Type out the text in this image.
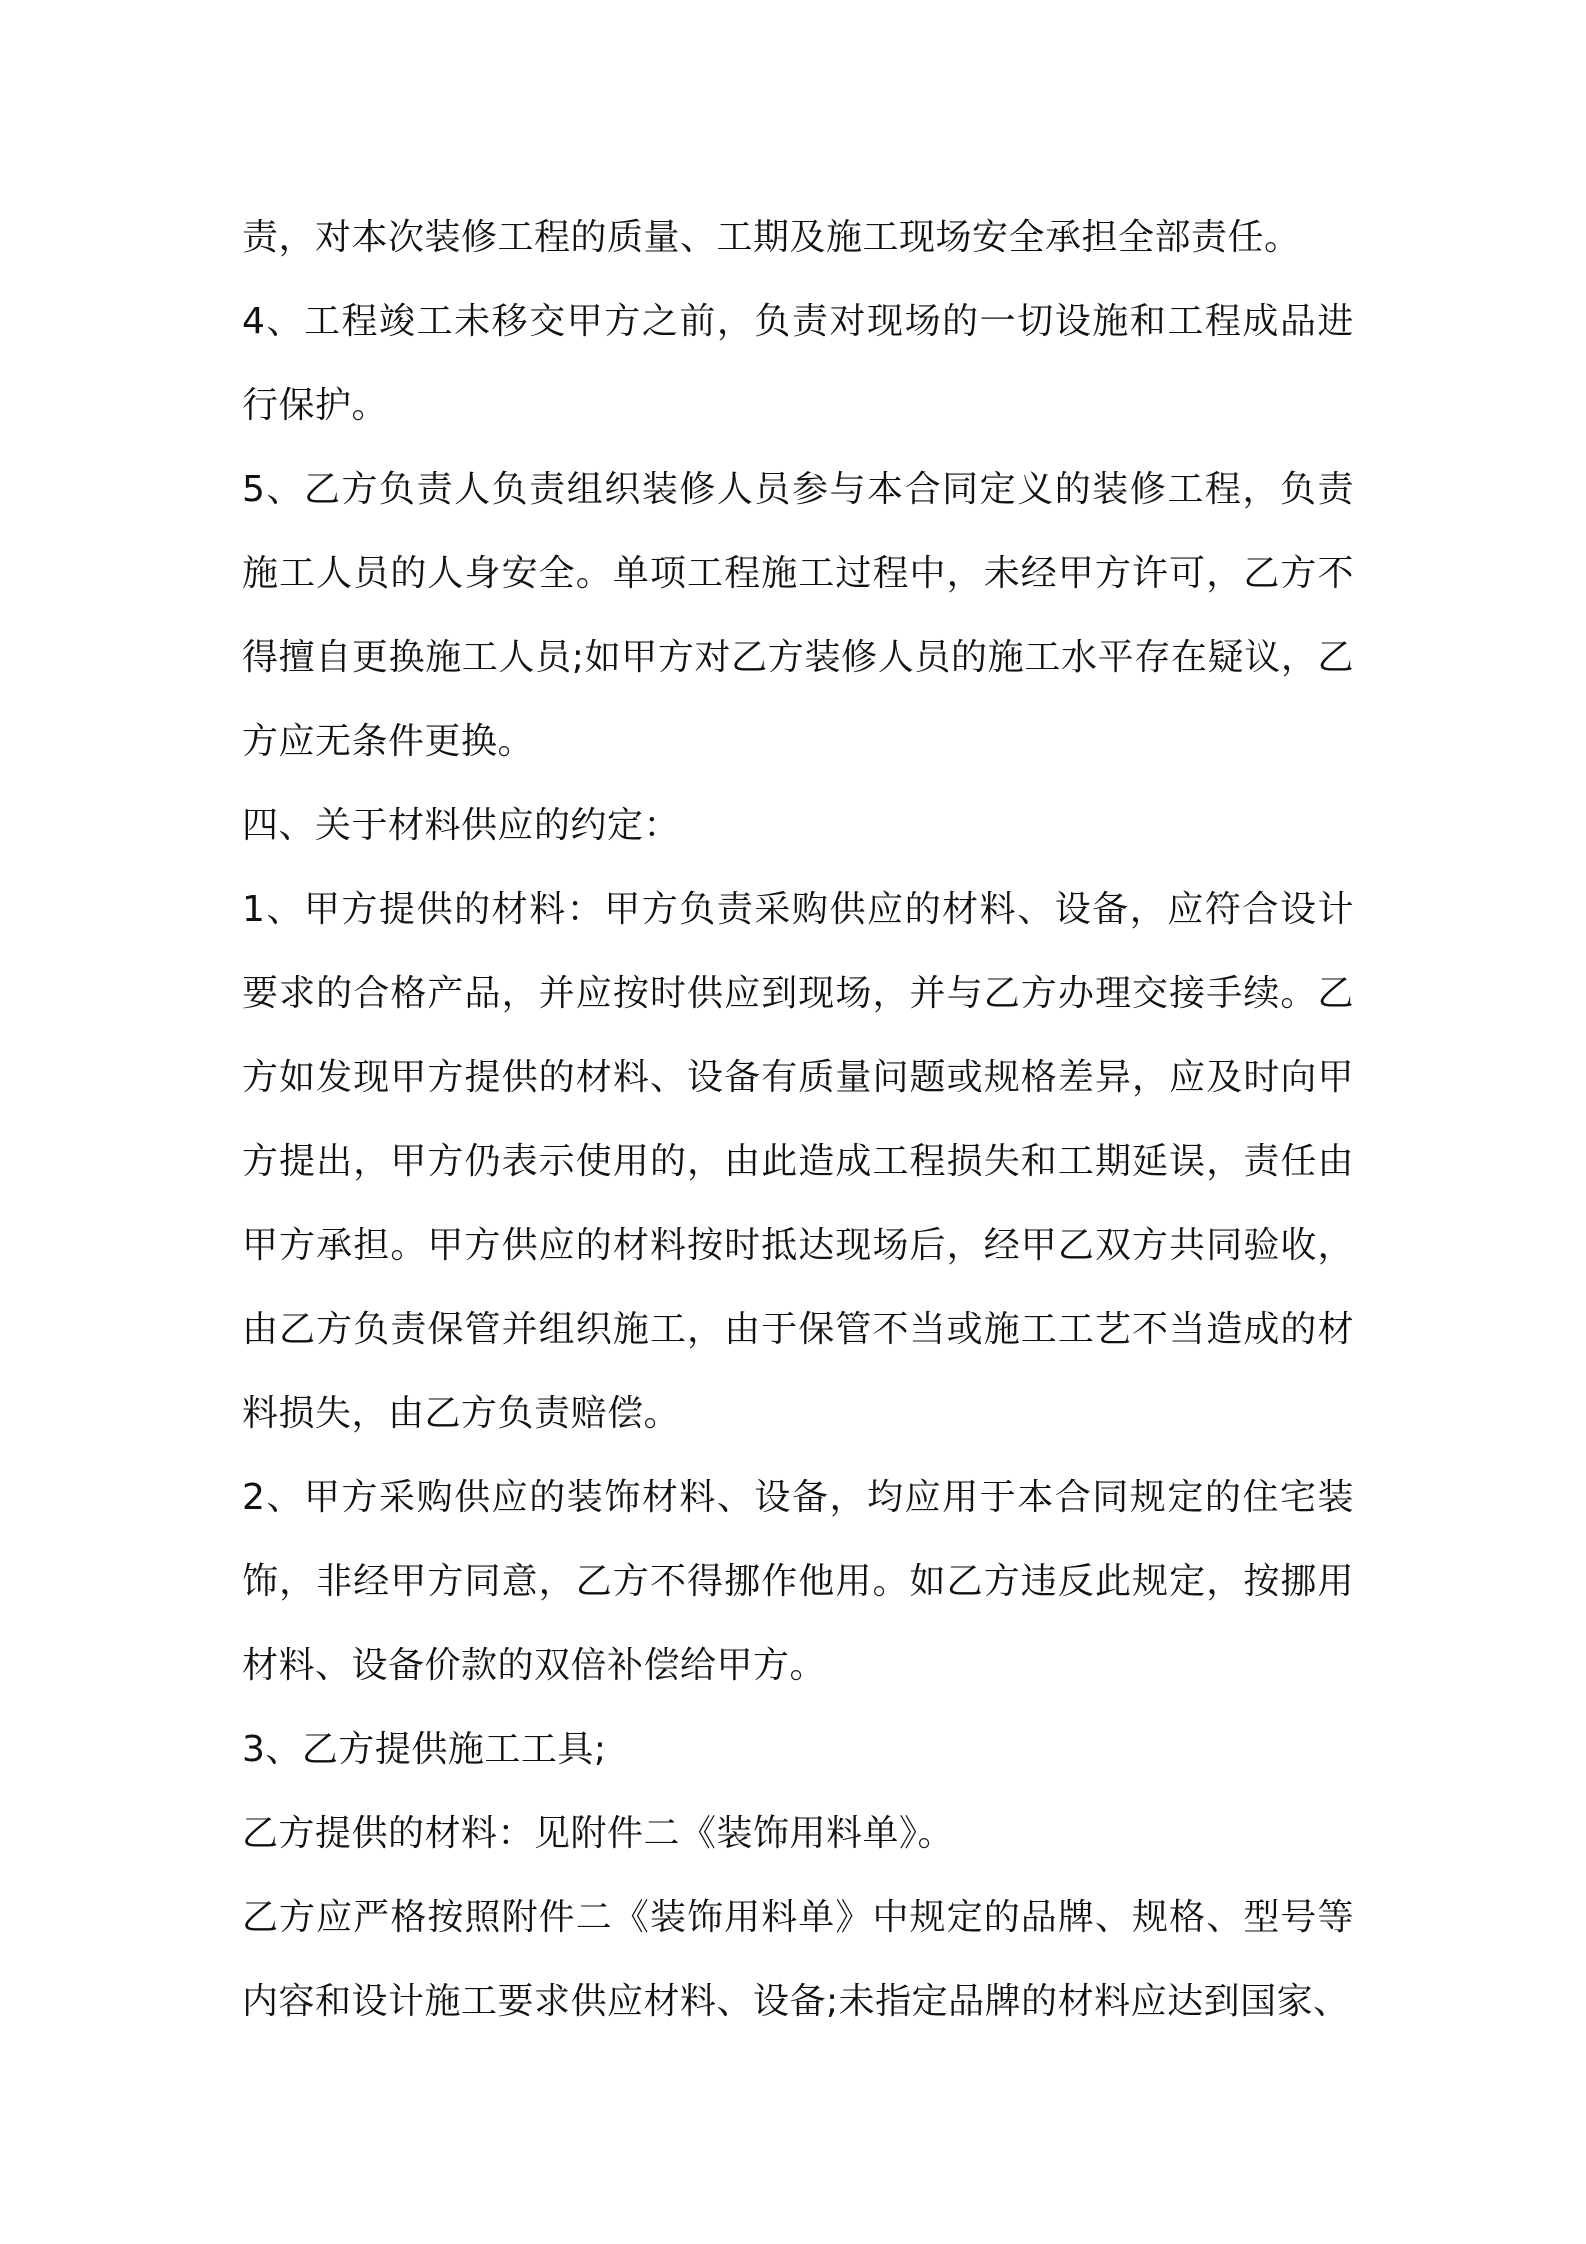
责，对本次装修工程的质量、工期及施工现场安全承担全部责任。

4、工程竣工未移交甲方之前，负责对现场的一切设施和工程成品进行保护。

5、乙方负责人负责组织装修人员参与本合同定义的装修工程，负责施工人员的人身安全。单项工程施工过程中，未经甲方许可，乙方不得擅自更换施工人员;如甲方对乙方装修人员的施工水平存在疑议，乙方应无条件更换。

四、关于材料供应的约定：

1、甲方提供的材料：甲方负责采购供应的材料、设备，应符合设计要求的合格产品，并应按时供应到现场，并与乙方办理交接手续。乙方如发现甲方提供的材料、设备有质量问题或规格差异，应及时向甲方提出，甲方仍表示使用的，由此造成工程损失和工期延误，责任由甲方承担。甲方供应的材料按时抵达现场后，经甲乙双方共同验收，由乙方负责保管并组织施工，由于保管不当或施工工艺不当造成的材料损失，由乙方负责赔偿。

2、甲方采购供应的装饰材料、设备，均应用于本合同规定的住宅装饰，非经甲方同意，乙方不得挪作他用。如乙方违反此规定，按挪用材料、设备价款的双倍补偿给甲方。

3、乙方提供施工工具;

乙方提供的材料：见附件二《装饰用料单》。

乙方应严格按照附件二《装饰用料单》中规定的品牌、规格、型号等内容和设计施工要求供应材料、设备;未指定品牌的材料应达到国家、
